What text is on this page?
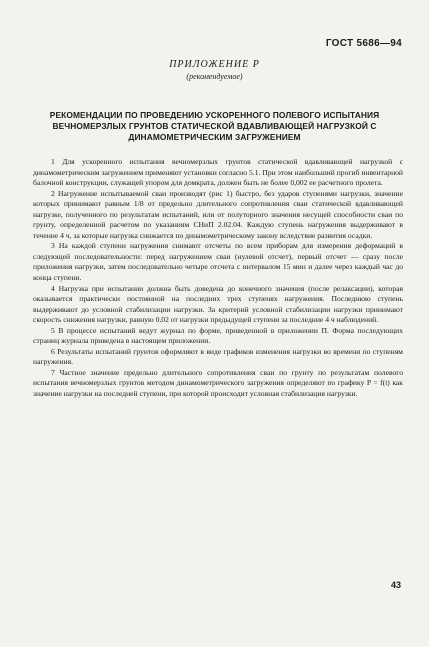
ГОСТ 5686—94
ПРИЛОЖЕНИЕ Р
(рекомендуемое)
РЕКОМЕНДАЦИИ ПО ПРОВЕДЕНИЮ УСКОРЕННОГО ПОЛЕВОГО ИСПЫТАНИЯ ВЕЧНОМЕРЗЛЫХ ГРУНТОВ СТАТИЧЕСКОЙ ВДАВЛИВАЮЩЕЙ НАГРУЗКОЙ С ДИНАМОМЕТРИЧЕСКИМ ЗАГРУЖЕНИЕМ

1 Для ускоренного испытания вечномерзлых грунтов статической вдавливающей нагрузкой с динамометрическим загружением применяют установки согласно 5.1. При этом наибольший прогиб инвентарной балочной конструкции, служащей упором для домкрата, должен быть не более 0,002 ее расчетного пролета.

2 Нагружение испытываемой сваи производят (рис 1) быстро, без ударов ступенями нагрузки, значение которых принимают равным 1/8 от предельно длительного сопротивления сваи статической вдавливающей нагрузке, полученного по результатам испытаний, или от полуторного значения несущей способности сваи по грунту, определенной расчетом по указаниям СНиП 2.02.04. Каждую ступень нагружения выдерживают в течение 4 ч, за которые нагрузка снижается по динамометрическому закону вследствие развития осадки.

3 На каждой ступени нагружения снимают отсчеты по всем приборам для измерения деформаций в следующей последовательности: перед нагружением сваи (нулевой отсчет), первый отсчет — сразу после приложения нагрузки, затем последовательно четыре отсчета с интервалом 15 мин и далее через каждый час до конца ступени.

4 Нагрузка при испытании должна быть доведена до конечного значения (после релаксации), которая оказывается практически постоянной на последних трех ступенях нагружения. Последнюю ступень выдерживают до условной стабилизации нагрузки. За критерий условной стабилизации нагрузки принимают скорость снижения нагрузки, равную 0,02 от нагрузки предыдущей ступени за последние 4 ч наблюдений.

5 В процессе испытаний ведут журнал по форме, приведенной в приложении П. Форма последующих страниц журнала приведена в настоящем приложении.

6 Результаты испытаний грунтов оформляют в виде графиков изменения нагрузки во времени по ступеням нагружения.

7 Частное значение предельно длительного сопротивления сваи по грунту по результатам полевого испытания вечномерзлых грунтов методом динамометрического загружения определяют по графику P = f(t) как значение нагрузки на последней ступени, при которой происходит условная стабилизация нагрузки.

43
